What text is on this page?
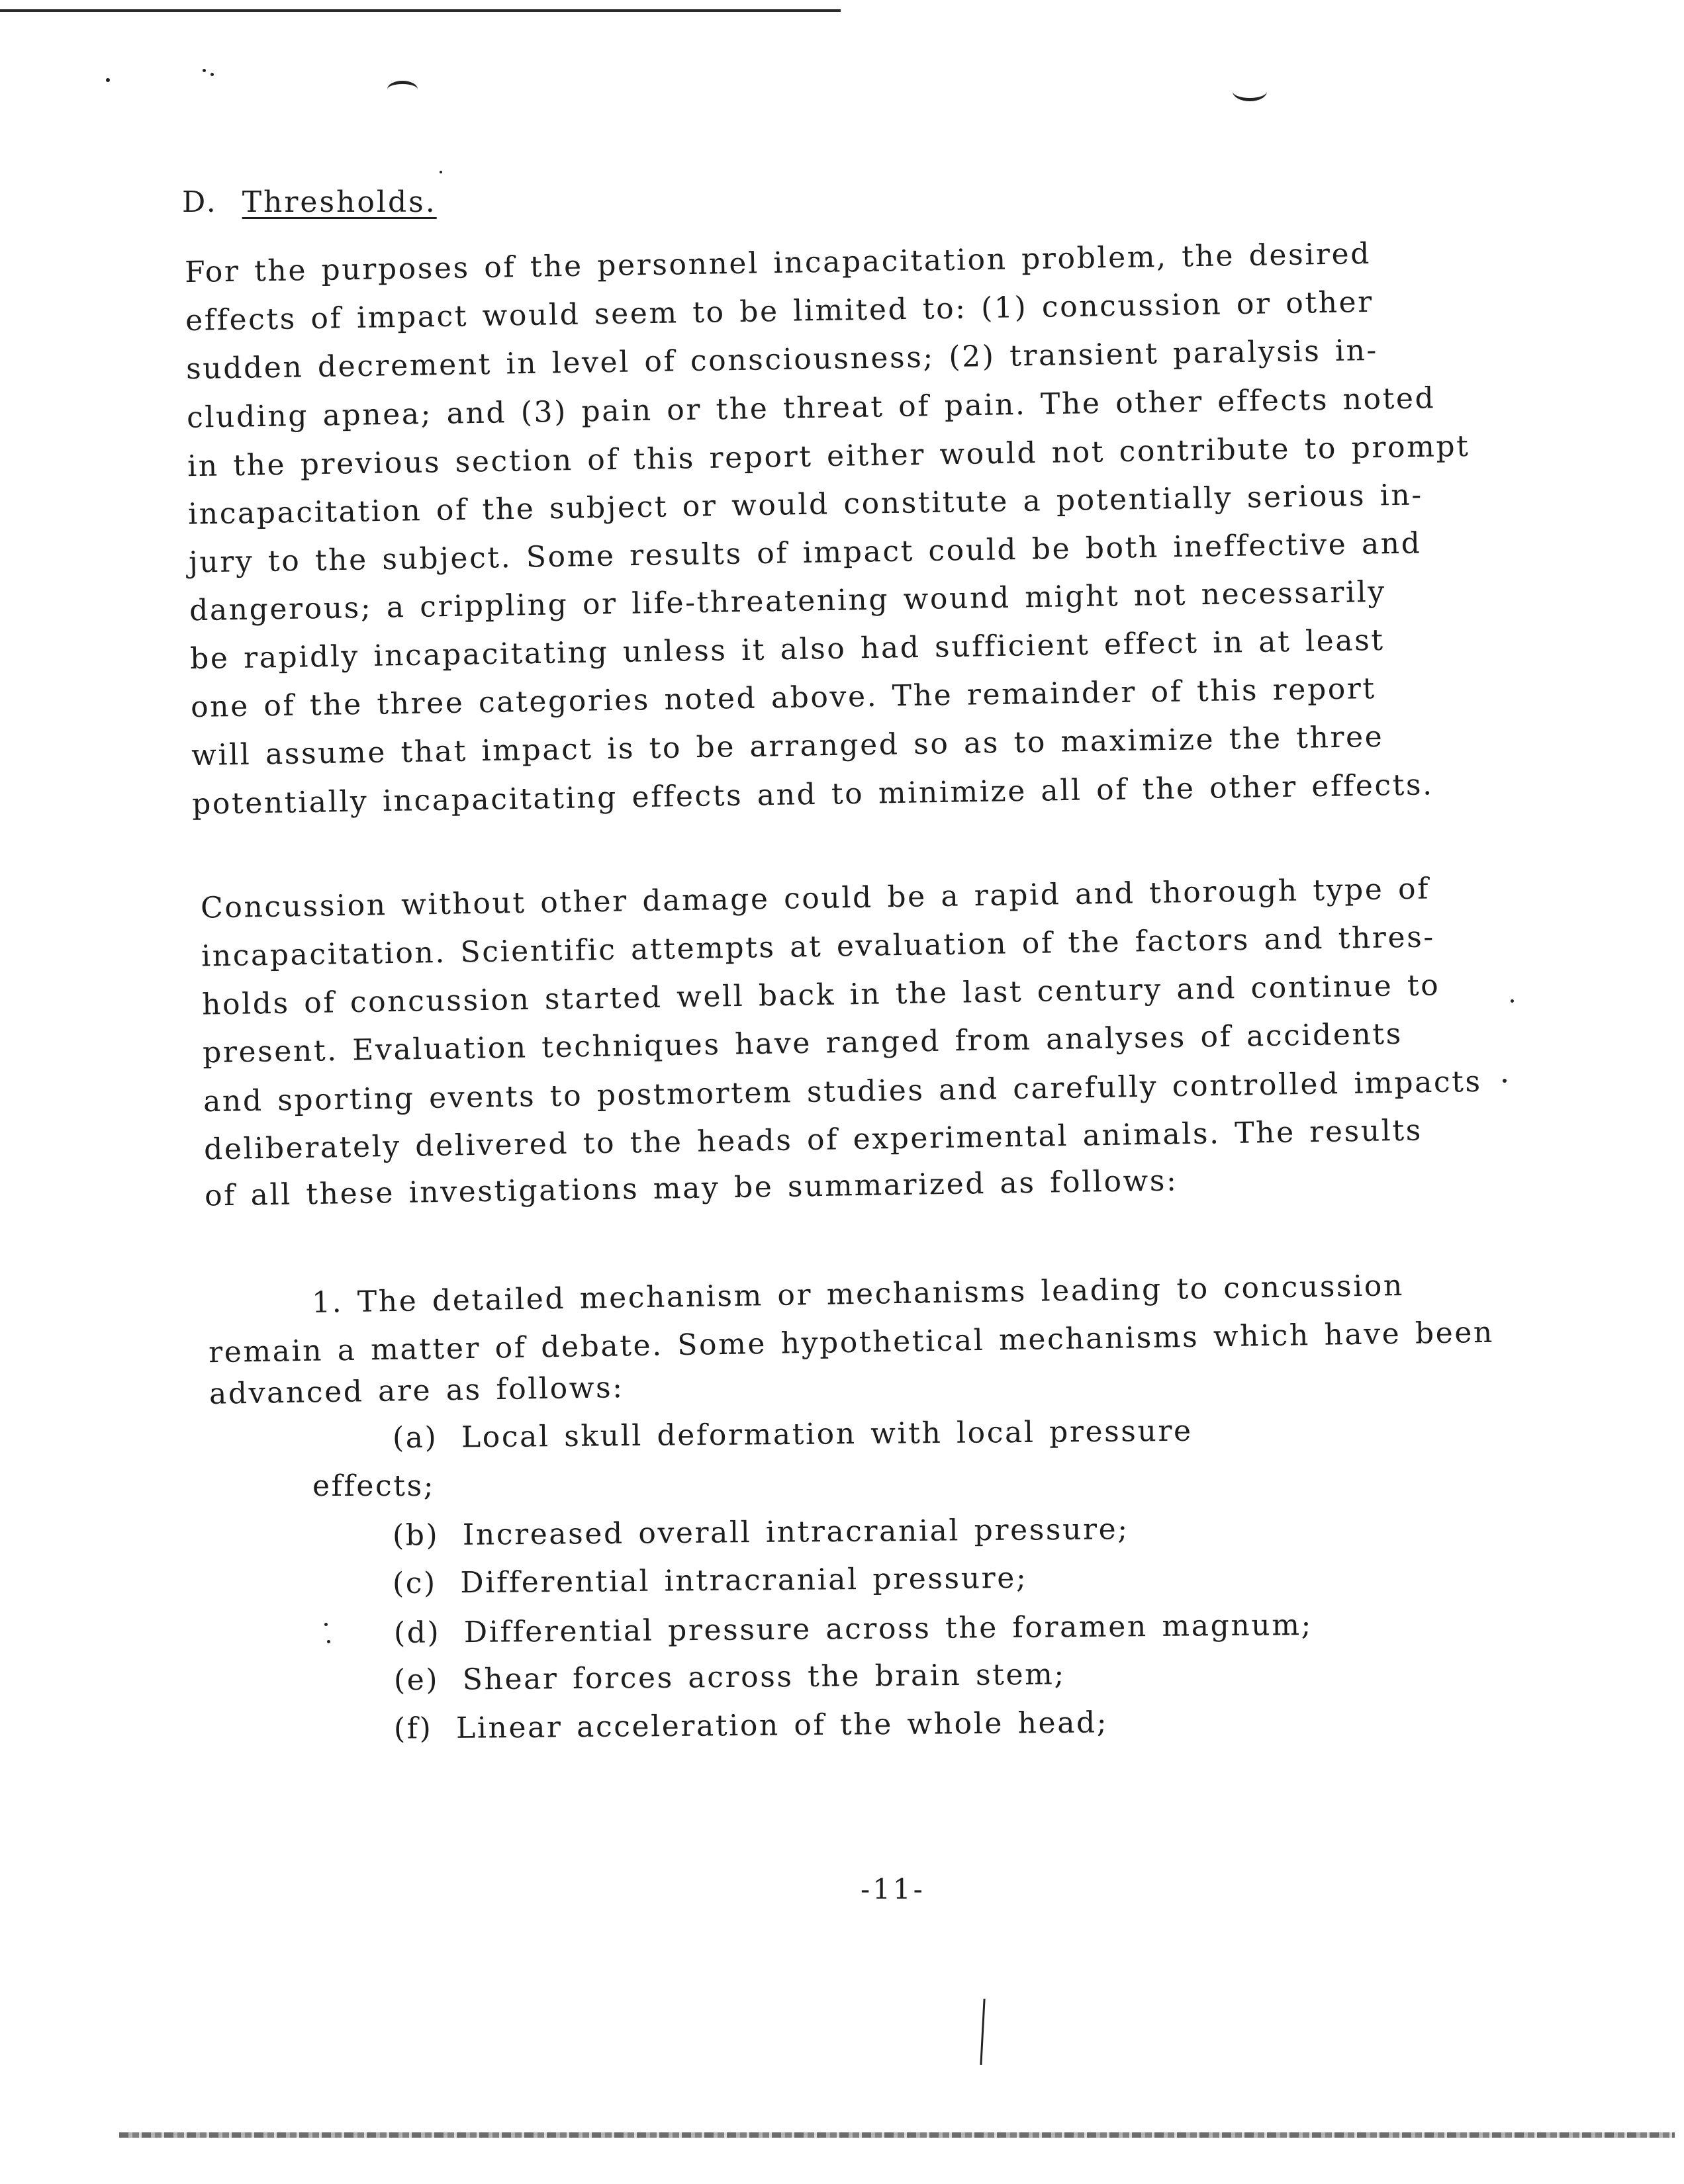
D. Thresholds.
For the purposes of the personnel incapacitation problem, the desired
effects of impact would seem to be limited to: (1) concussion or other
sudden decrement in level of consciousness; (2) transient paralysis in-
cluding apnea; and (3) pain or the threat of pain. The other effects noted
in the previous section of this report either would not contribute to prompt
incapacitation of the subject or would constitute a potentially serious in-
jury to the subject. Some results of impact could be both ineffective and
dangerous; a crippling or life-threatening wound might not necessarily
be rapidly incapacitating unless it also had sufficient effect in at least
one of the three categories noted above. The remainder of this report
will assume that impact is to be arranged so as to maximize the three
potentially incapacitating effects and to minimize all of the other effects.
Concussion without other damage could be a rapid and thorough type of
incapacitation. Scientific attempts at evaluation of the factors and thres-
holds of concussion started well back in the last century and continue to
present. Evaluation techniques have ranged from analyses of accidents
and sporting events to postmortem studies and carefully controlled impacts
deliberately delivered to the heads of experimental animals. The results
of all these investigations may be summarized as follows:
1. The detailed mechanism or mechanisms leading to concussion
remain a matter of debate. Some hypothetical mechanisms which have been
advanced are as follows:
(a) Local skull deformation with local pressure
effects;
(b) Increased overall intracranial pressure;
(c) Differential intracranial pressure;
(d) Differential pressure across the foramen magnum;
(e) Shear forces across the brain stem;
(f) Linear acceleration of the whole head;
-11-
